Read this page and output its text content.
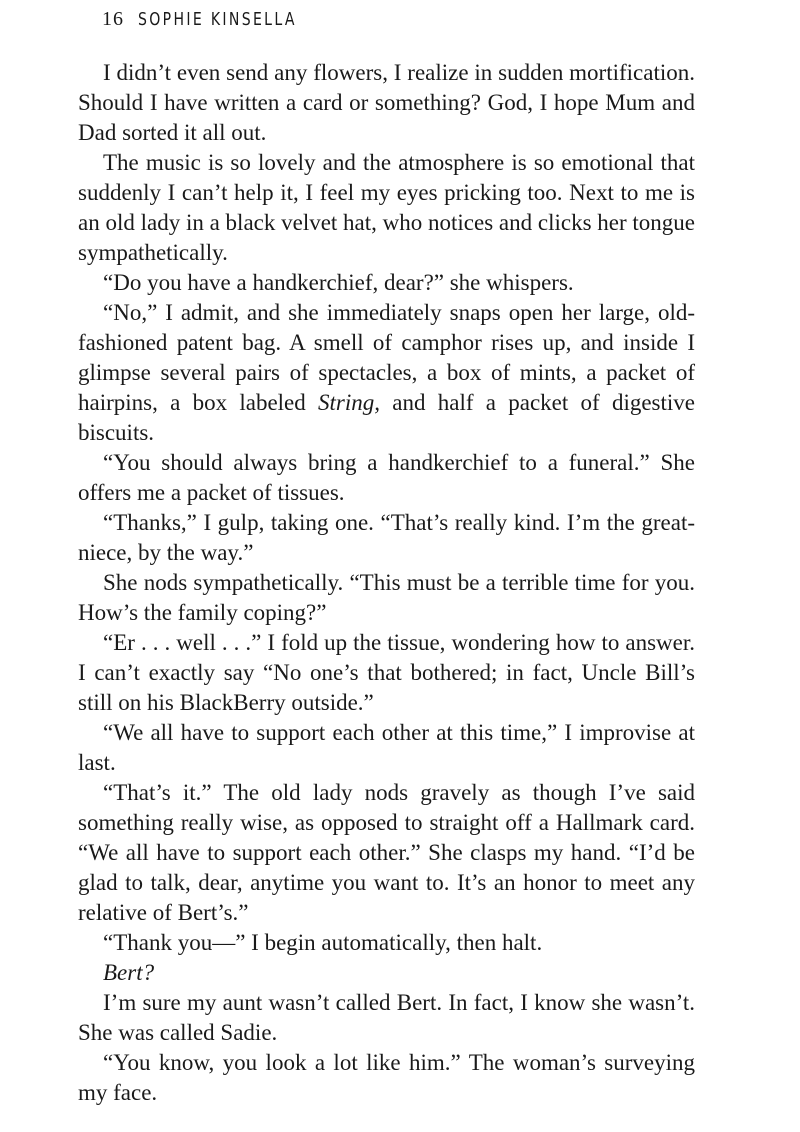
16 SOPHIE KINSELLA

I didn’t even send any flowers, I realize in sudden mortification. Should I have written a card or something? God, I hope Mum and Dad sorted it all out.

The music is so lovely and the atmosphere is so emotional that suddenly I can’t help it, I feel my eyes pricking too. Next to me is an old lady in a black velvet hat, who notices and clicks her tongue sympathetically.

“Do you have a handkerchief, dear?” she whispers.

“No,” I admit, and she immediately snaps open her large, old-fashioned patent bag. A smell of camphor rises up, and inside I glimpse several pairs of spectacles, a box of mints, a packet of hairpins, a box labeled String, and half a packet of digestive biscuits.

“You should always bring a handkerchief to a funeral.” She offers me a packet of tissues.

“Thanks,” I gulp, taking one. “That’s really kind. I’m the great-niece, by the way.”

She nods sympathetically. “This must be a terrible time for you. How’s the family coping?”

“Er . . . well . . .” I fold up the tissue, wondering how to answer. I can’t exactly say “No one’s that bothered; in fact, Uncle Bill’s still on his BlackBerry outside.”

“We all have to support each other at this time,” I improvise at last.

“That’s it.” The old lady nods gravely as though I’ve said something really wise, as opposed to straight off a Hallmark card. “We all have to support each other.” She clasps my hand. “I’d be glad to talk, dear, anytime you want to. It’s an honor to meet any relative of Bert’s.”

“Thank you—” I begin automatically, then halt.

Bert?

I’m sure my aunt wasn’t called Bert. In fact, I know she wasn’t. She was called Sadie.

“You know, you look a lot like him.” The woman’s surveying my face.
